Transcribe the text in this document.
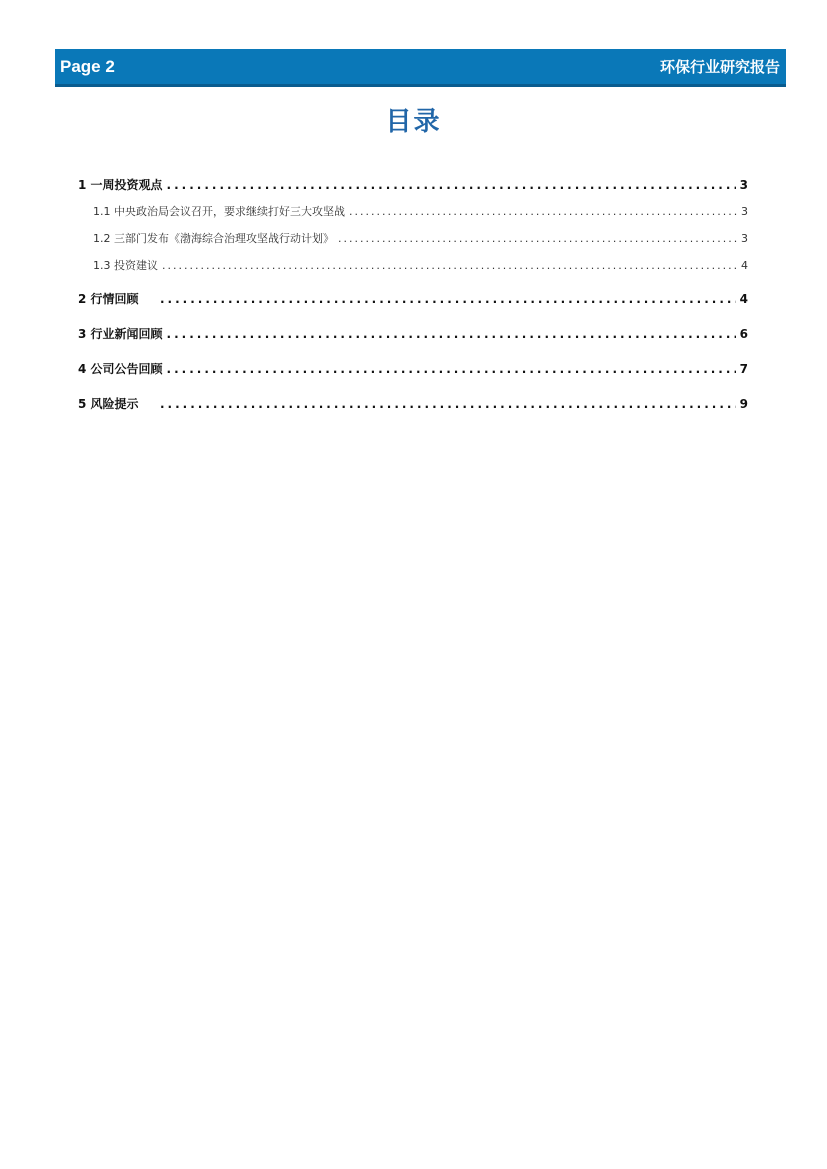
Page 2	环保行业研究报告
目录
1 一周投资观点 .....	3
1.1 中央政治局会议召开，要求继续打好三大攻坚战 .....	3
1.2 三部门发布《渤海综合治理攻坚战行动计划》 .....	3
1.3 投资建议 .....	4
2 行情回顾 .....	4
3 行业新闻回顾 .....	6
4 公司公告回顾 .....	7
5 风险提示 .....	9
